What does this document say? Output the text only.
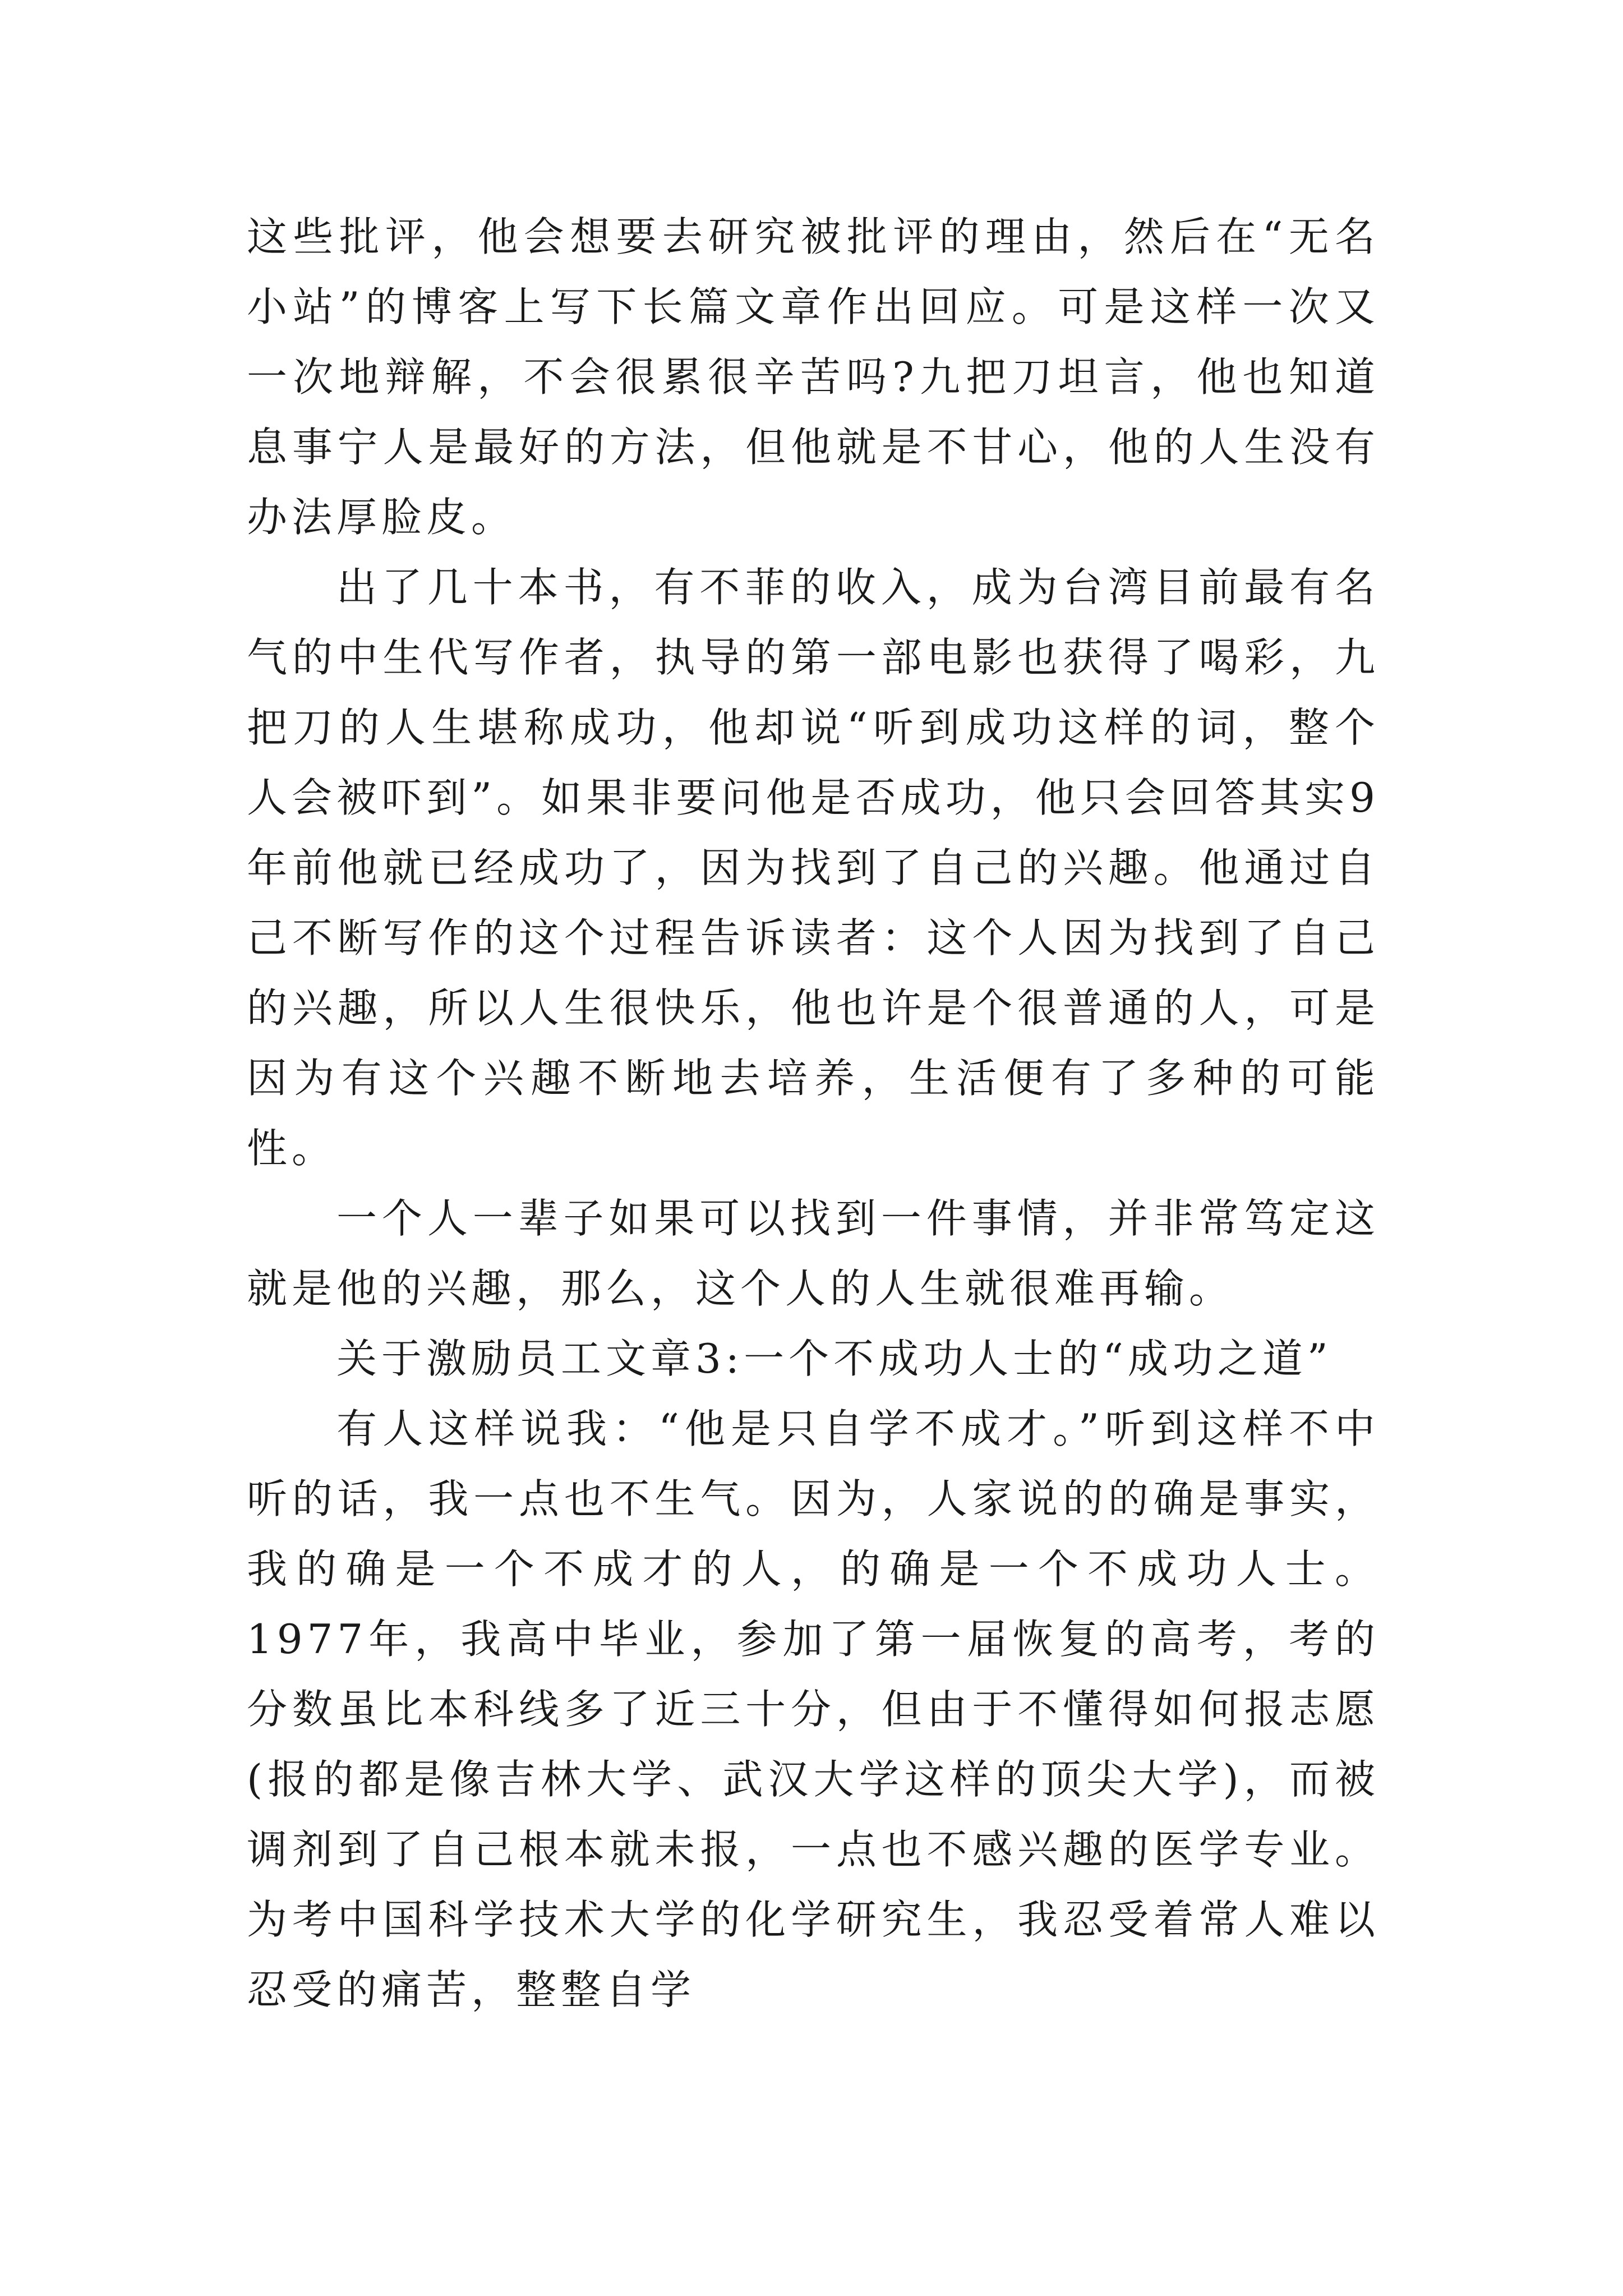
这些批评，他会想要去研究被批评的理由，然后在“无名小站”的博客上写下长篇文章作出回应。可是这样一次又一次地辩解，不会很累很辛苦吗?九把刀坦言，他也知道息事宁人是最好的方法，但他就是不甘心，他的人生没有办法厚脸皮。

出了几十本书，有不菲的收入，成为台湾目前最有名气的中生代写作者，执导的第一部电影也获得了喝彩，九把刀的人生堪称成功，他却说“听到成功这样的词，整个人会被吓到”。如果非要问他是否成功，他只会回答其实9年前他就已经成功了，因为找到了自己的兴趣。他通过自己不断写作的这个过程告诉读者：这个人因为找到了自己的兴趣，所以人生很快乐，他也许是个很普通的人，可是因为有这个兴趣不断地去培养，生活便有了多种的可能性。

一个人一辈子如果可以找到一件事情，并非常笃定这就是他的兴趣，那么，这个人的人生就很难再输。

关于激励员工文章3:一个不成功人士的“成功之道”

有人这样说我：“他是只自学不成才。”听到这样不中听的话，我一点也不生气。因为，人家说的的确是事实，我的确是一个不成才的人，的确是一个不成功人士。1977年，我高中毕业，参加了第一届恢复的高考，考的分数虽比本科线多了近三十分，但由于不懂得如何报志愿(报的都是像吉林大学、武汉大学这样的顶尖大学)，而被调剂到了自己根本就未报，一点也不感兴趣的医学专业。为考中国科学技术大学的化学研究生，我忍受着常人难以忍受的痛苦，整整自学
